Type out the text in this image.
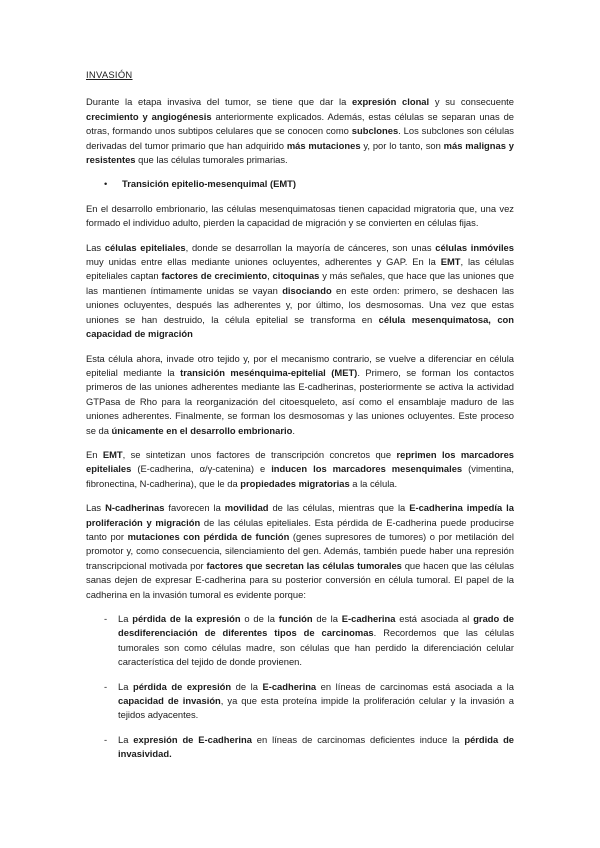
INVASIÓN

Durante la etapa invasiva del tumor, se tiene que dar la expresión clonal y su consecuente crecimiento y angiogénesis anteriormente explicados. Además, estas células se separan unas de otras, formando unos subtipos celulares que se conocen como subclones. Los subclones son células derivadas del tumor primario que han adquirido más mutaciones y, por lo tanto, son más malignas y resistentes que las células tumorales primarias.

•	Transición epitelio-mesenquimal (EMT)

En el desarrollo embrionario, las células mesenquimatosas tienen capacidad migratoria que, una vez formado el individuo adulto, pierden la capacidad de migración y se convierten en células fijas.

Las células epiteliales, donde se desarrollan la mayoría de cánceres, son unas células inmóviles muy unidas entre ellas mediante uniones ocluyentes, adherentes y GAP. En la EMT, las células epiteliales captan factores de crecimiento, citoquinas y más señales, que hace que las uniones que las mantienen íntimamente unidas se vayan disociando en este orden: primero, se deshacen las uniones ocluyentes, después las adherentes y, por último, los desmosomas. Una vez que estas uniones se han destruido, la célula epitelial se transforma en célula mesenquimatosa, con capacidad de migración

Esta célula ahora, invade otro tejido y, por el mecanismo contrario, se vuelve a diferenciar en célula epitelial mediante la transición mesénquima-epitelial (MET). Primero, se forman los contactos primeros de las uniones adherentes mediante las E-cadherinas, posteriormente se activa la actividad GTPasa de Rho para la reorganización del citoesqueleto, así como el ensamblaje maduro de las uniones adherentes. Finalmente, se forman los desmosomas y las uniones ocluyentes. Este proceso se da únicamente en el desarrollo embrionario.

En EMT, se sintetizan unos factores de transcripción concretos que reprimen los marcadores epiteliales (E-cadherina, α/γ-catenina) e inducen los marcadores mesenquimales (vimentina, fibronectina, N-cadherina), que le da propiedades migratorias a la célula.

Las N-cadherinas favorecen la movilidad de las células, mientras que la E-cadherina impedía la proliferación y migración de las células epiteliales. Esta pérdida de E-cadherina puede producirse tanto por mutaciones con pérdida de función (genes supresores de tumores) o por metilación del promotor y, como consecuencia, silenciamiento del gen. Además, también puede haber una represión transcripcional motivada por factores que secretan las células tumorales que hacen que las células sanas dejen de expresar E-cadherina para su posterior conversión en célula tumoral. El papel de la cadherina en la invasión tumoral es evidente porque:

-	La pérdida de la expresión o de la función de la E-cadherina está asociada al grado de desdiferenciación de diferentes tipos de carcinomas. Recordemos que las células tumorales son como células madre, son células que han perdido la diferenciación celular característica del tejido de donde provienen.
-	La pérdida de expresión de la E-cadherina en líneas de carcinomas está asociada a la capacidad de invasión, ya que esta proteína impide la proliferación celular y la invasión a tejidos adyacentes.
-	La expresión de E-cadherina en líneas de carcinomas deficientes induce la pérdida de invasividad.
